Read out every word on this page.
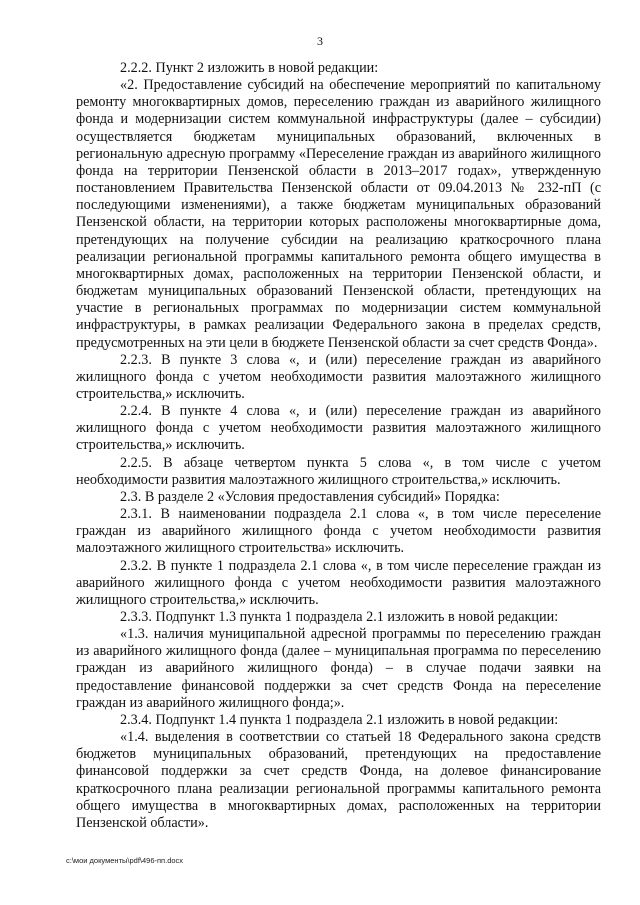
3

2.2.2. Пункт 2 изложить в новой редакции:

«2. Предоставление субсидий на обеспечение мероприятий по капитальному ремонту многоквартирных домов, переселению граждан из аварийного жилищного фонда и модернизации систем коммунальной инфраструктуры (далее – субсидии) осуществляется бюджетам муниципальных образований, включенных в региональную адресную программу «Переселение граждан из аварийного жилищного фонда на территории Пензенской области в 2013–2017 годах», утвержденную постановлением Правительства Пензенской области от 09.04.2013 № 232-пП (с последующими изменениями), а также бюджетам муниципальных образований Пензенской области, на территории которых расположены многоквартирные дома, претендующих на получение субсидии на реализацию краткосрочного плана реализации региональной программы капитального ремонта общего имущества в многоквартирных домах, расположенных на территории Пензенской области, и бюджетам муниципальных образований Пензенской области, претендующих на участие в региональных программах по модернизации систем коммунальной инфраструктуры, в рамках реализации Федерального закона в пределах средств, предусмотренных на эти цели в бюджете Пензенской области за счет средств Фонда».

2.2.3. В пункте 3 слова «, и (или) переселение граждан из аварийного жилищного фонда с учетом необходимости развития малоэтажного жилищного строительства,» исключить.

2.2.4. В пункте 4 слова «, и (или) переселение граждан из аварийного жилищного фонда с учетом необходимости развития малоэтажного жилищного строительства,» исключить.

2.2.5. В абзаце четвертом пункта 5 слова «, в том числе с учетом необходимости развития малоэтажного жилищного строительства,» исключить.

2.3. В разделе 2 «Условия предоставления субсидий» Порядка:

2.3.1. В наименовании подраздела 2.1 слова «, в том числе переселение граждан из аварийного жилищного фонда с учетом необходимости развития малоэтажного жилищного строительства» исключить.

2.3.2. В пункте 1 подраздела 2.1 слова «, в том числе переселение граждан из аварийного жилищного фонда с учетом необходимости развития малоэтажного жилищного строительства,» исключить.

2.3.3. Подпункт 1.3 пункта 1 подраздела 2.1 изложить в новой редакции:

«1.3. наличия муниципальной адресной программы по переселению граждан из аварийного жилищного фонда (далее – муниципальная программа по переселению граждан из аварийного жилищного фонда) – в случае подачи заявки на предоставление финансовой поддержки за счет средств Фонда на переселение граждан из аварийного жилищного фонда;».

2.3.4. Подпункт 1.4 пункта 1 подраздела 2.1 изложить в новой редакции:

«1.4. выделения в соответствии со статьей 18 Федерального закона средств бюджетов муниципальных образований, претендующих на предоставление финансовой поддержки за счет средств Фонда, на долевое финансирование краткосрочного плана реализации региональной программы капитального ремонта общего имущества в многоквартирных домах, расположенных на территории Пензенской области».

c:\мои документы\pdf\496-пп.docx
